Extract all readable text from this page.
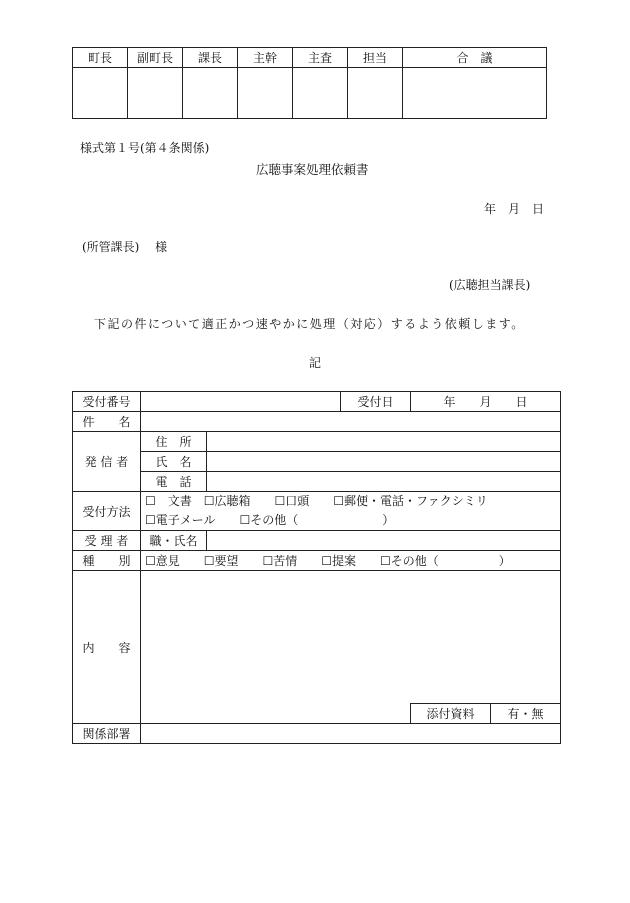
町長	副町長	課長	主幹	主査	担当	合　議

様式第１号(第４条関係)
広聴事案処理依頼書
年　月　日
(所管課長)　 様
(広聴担当課長)
下記の件について適正かつ速やかに処理（対応）するよう依頼します。
記
受付番号			受付日	年　　月　　日	
件　　名					
発 信 者	住　所				
	氏　名				
	電　話				
受付方法	☐　文書　☐広聴箱　　☐口頭　　☐郵便・電話・ファクシミリ
☐電子メール　　☐その他（　　　　　　　）				

受 理 者	職・氏名				
種　　別	☐意見　　☐要望　　☐苦情　　☐提案　　☐その他（　　　　　）				
内　　容					
				添付資料	有・無
関係部署					
